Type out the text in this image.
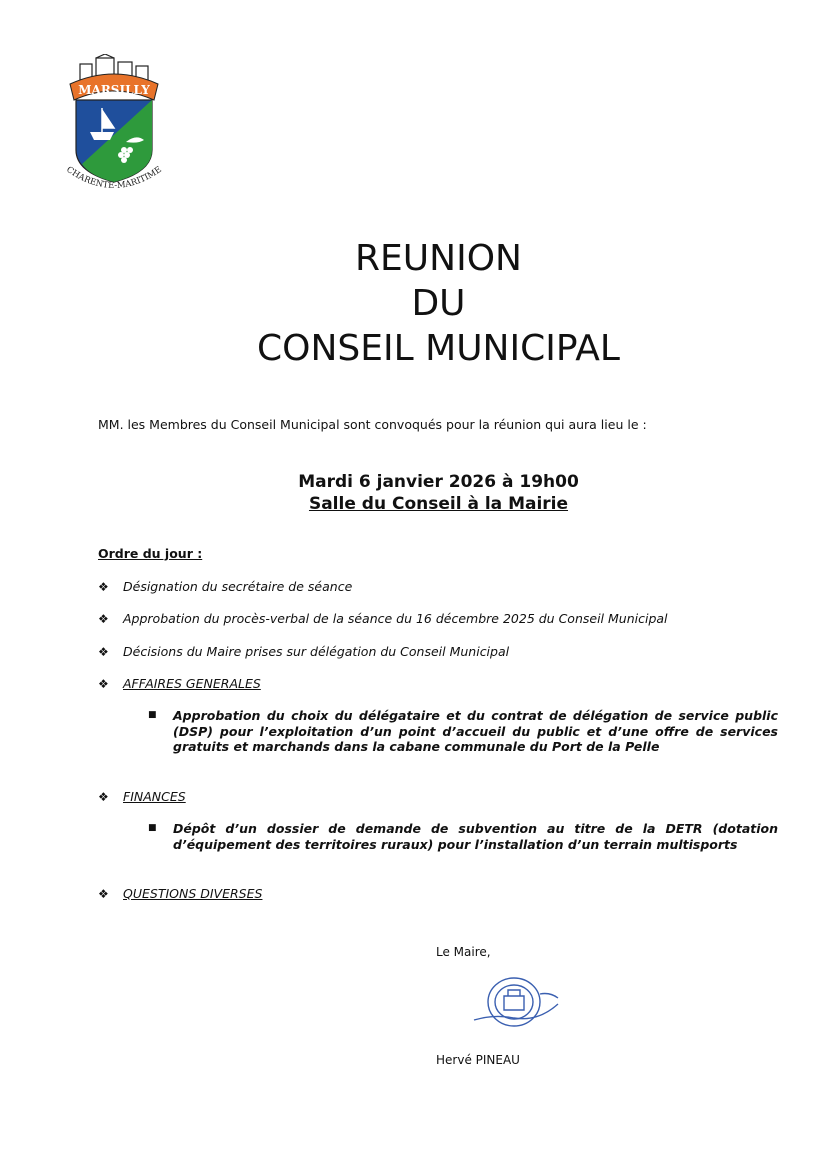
MARSILLY
CHARENTE-MARITIME
REUNION
DU
CONSEIL MUNICIPAL
MM. les Membres du Conseil Municipal sont convoqués pour la réunion qui aura lieu le :
Mardi 6 janvier 2026 à 19h00
Salle du Conseil à la Mairie
Ordre du jour :
❖ Désignation du secrétaire de séance
❖ Approbation du procès-verbal de la séance du 16 décembre 2025 du Conseil Municipal
❖ Décisions du Maire prises sur délégation du Conseil Municipal
❖ AFFAIRES GENERALES
■ Approbation du choix du délégataire et du contrat de délégation de service public (DSP) pour l’exploitation d’un point d’accueil du public et d’une offre de services gratuits et marchands dans la cabane communale du Port de la Pelle
❖ FINANCES
■ Dépôt d’un dossier de demande de subvention au titre de la DETR (dotation d’équipement des territoires ruraux) pour l’installation d’un terrain multisports
❖ QUESTIONS DIVERSES
Le Maire,
Hervé PINEAU
